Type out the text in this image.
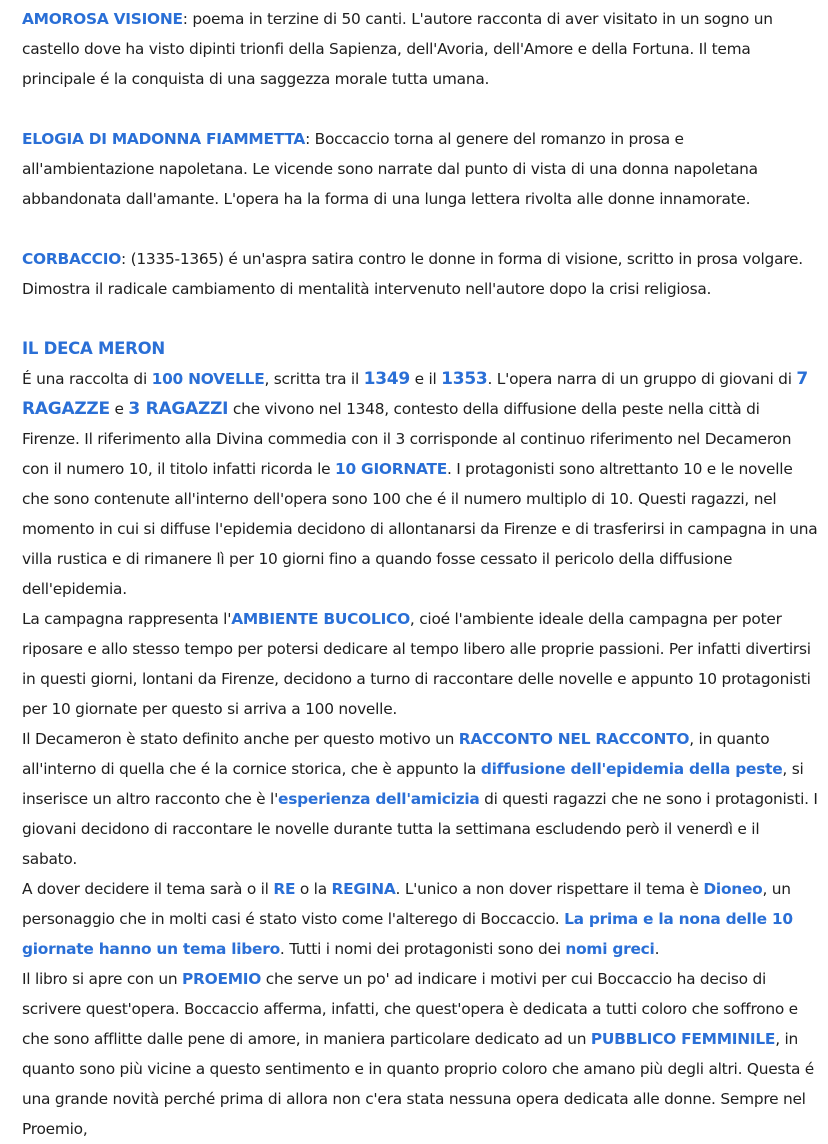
AMOROSA VISIONE: poema in terzine di 50 canti. L'autore racconta di aver visitato in un sogno un castello dove ha visto dipinti trionfi della Sapienza, dell'Avoria, dell'Amore e della Fortuna. Il tema principale é la conquista di una saggezza morale tutta umana.

ELOGIA DI MADONNA FIAMMETTA: Boccaccio torna al genere del romanzo in prosa e all'ambientazione napoletana. Le vicende sono narrate dal punto di vista di una donna napoletana abbandonata dall'amante. L'opera ha la forma di una lunga lettera rivolta alle donne innamorate.

CORBACCIO: (1335-1365) é un'aspra satira contro le donne in forma di visione, scritto in prosa volgare. Dimostra il radicale cambiamento di mentalità intervenuto nell'autore dopo la crisi religiosa.

IL DECA MERON

É una raccolta di 100 NOVELLE, scritta tra il 1349 e il 1353. L'opera narra di un gruppo di giovani di 7 RAGAZZE e 3 RAGAZZI che vivono nel 1348, contesto della diffusione della peste nella città di Firenze. Il riferimento alla Divina commedia con il 3 corrisponde al continuo riferimento nel Decameron con il numero 10, il titolo infatti ricorda le 10 GIORNATE. I protagonisti sono altrettanto 10 e le novelle che sono contenute all'interno dell'opera sono 100 che é il numero multiplo di 10. Questi ragazzi, nel momento in cui si diffuse l'epidemia decidono di allontanarsi da Firenze e di trasferirsi in campagna in una villa rustica e di rimanere lì per 10 giorni fino a quando fosse cessato il pericolo della diffusione dell'epidemia.

La campagna rappresenta l'AMBIENTE BUCOLICO, cioé l'ambiente ideale della campagna per poter riposare e allo stesso tempo per potersi dedicare al tempo libero alle proprie passioni. Per infatti divertirsi in questi giorni, lontani da Firenze, decidono a turno di raccontare delle novelle e appunto 10 protagonisti per 10 giornate per questo si arriva a 100 novelle.

Il Decameron è stato definito anche per questo motivo un RACCONTO NEL RACCONTO, in quanto all'interno di quella che é la cornice storica, che è appunto la diffusione dell'epidemia della peste, si inserisce un altro racconto che è l'esperienza dell'amicizia di questi ragazzi che ne sono i protagonisti. I giovani decidono di raccontare le novelle durante tutta la settimana escludendo però il venerdì e il sabato.

A dover decidere il tema sarà o il RE o la REGINA. L'unico a non dover rispettare il tema è Dioneo, un personaggio che in molti casi é stato visto come l'alterego di Boccaccio. La prima e la nona delle 10 giornate hanno un tema libero. Tutti i nomi dei protagonisti sono dei nomi greci.

Il libro si apre con un PROEMIO che serve un po' ad indicare i motivi per cui Boccaccio ha deciso di scrivere quest'opera. Boccaccio afferma, infatti, che quest'opera è dedicata a tutti coloro che soffrono e che sono afflitte dalle pene di amore, in maniera particolare dedicato ad un PUBBLICO FEMMINILE, in quanto sono più vicine a questo sentimento e in quanto proprio coloro che amano più degli altri. Questa é una grande novità perché prima di allora non c'era stata nessuna opera dedicata alle donne. Sempre nel Proemio,
